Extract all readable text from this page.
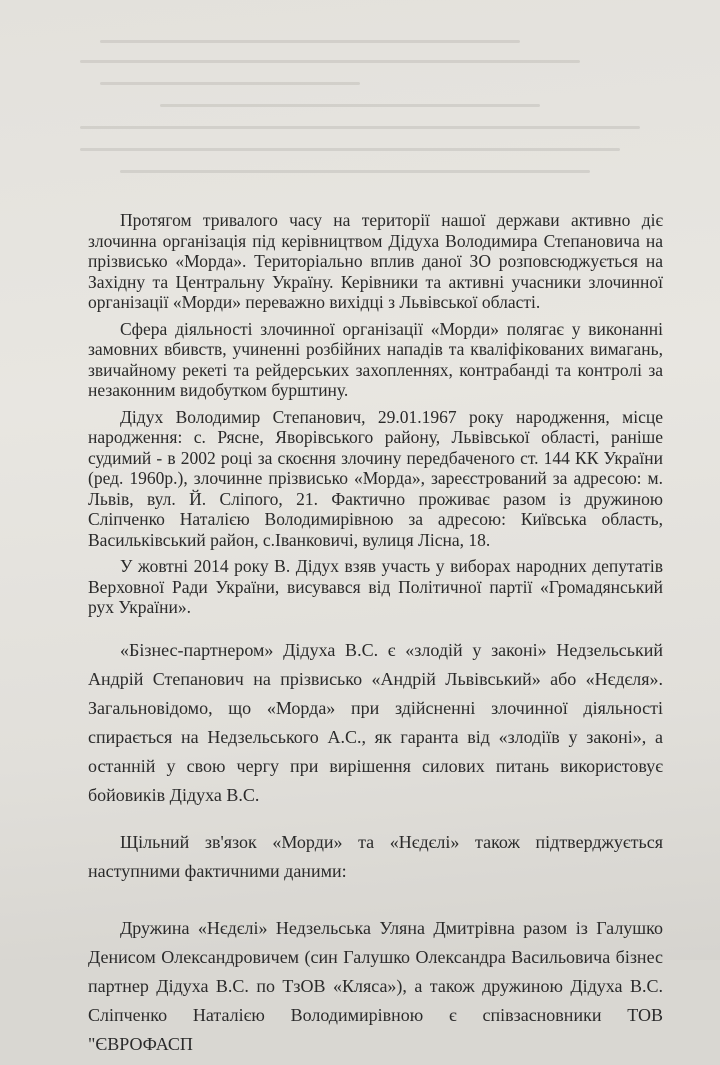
Протягом тривалого часу на території нашої держави активно діє злочинна організація під керівництвом Дідуха Володимира Степановича на прізвисько «Морда». Територіально вплив даної ЗО розповсюджується на Західну та Центральну Україну. Керівники та активні учасники злочинної організації «Морди» переважно вихідці з Львівської області.

Сфера діяльності злочинної організації «Морди» полягає у виконанні замовних вбивств, учиненні розбійних нападів та кваліфікованих вимагань, звичайному рекеті та рейдерських захопленнях, контрабанді та контролі за незаконним видобутком бурштину.

Дідух Володимир Степанович, 29.01.1967 року народження, місце народження: с. Рясне, Яворівського району, Львівської області, раніше судимий - в 2002 році за скоєння злочину передбаченого ст. 144 КК України (ред. 1960р.), злочинне прізвисько «Морда», зареєстрований за адресою: м. Львів, вул. Й. Сліпого, 21. Фактично проживає разом із дружиною Сліпченко Наталією Володимирівною за адресою: Київська область, Васильківський район, с.Іванковичі, вулиця Лісна, 18.

У жовтні 2014 року В. Дідух взяв участь у виборах народних депутатів Верховної Ради України, висувався від Політичної партії «Громадянський рух України».

«Бізнес-партнером» Дідуха В.С. є «злодій у законі» Недзельський Андрій Степанович на прізвисько «Андрій Львівський» або «Нєдєля». Загальновідомо, що «Морда» при здійсненні злочинної діяльності спирається на Недзельського А.С., як гаранта від «злодіїв у законі», а останній у свою чергу при вирішення силових питань використовує бойовиків Дідуха В.С.

Щільний зв'язок «Морди» та «Нєдєлі» також підтверджується наступними фактичними даними:

Дружина «Нєдєлі» Недзельська Уляна Дмитрівна разом із Галушко Денисом Олександровичем (син Галушко Олександра Васильовича бізнес партнер Дідуха В.С. по ТзОВ «Кляса»), а також дружиною Дідуха В.С. Сліпченко Наталією Володимирівною є співзасновники ТОВ "ЄВРОФАСП
